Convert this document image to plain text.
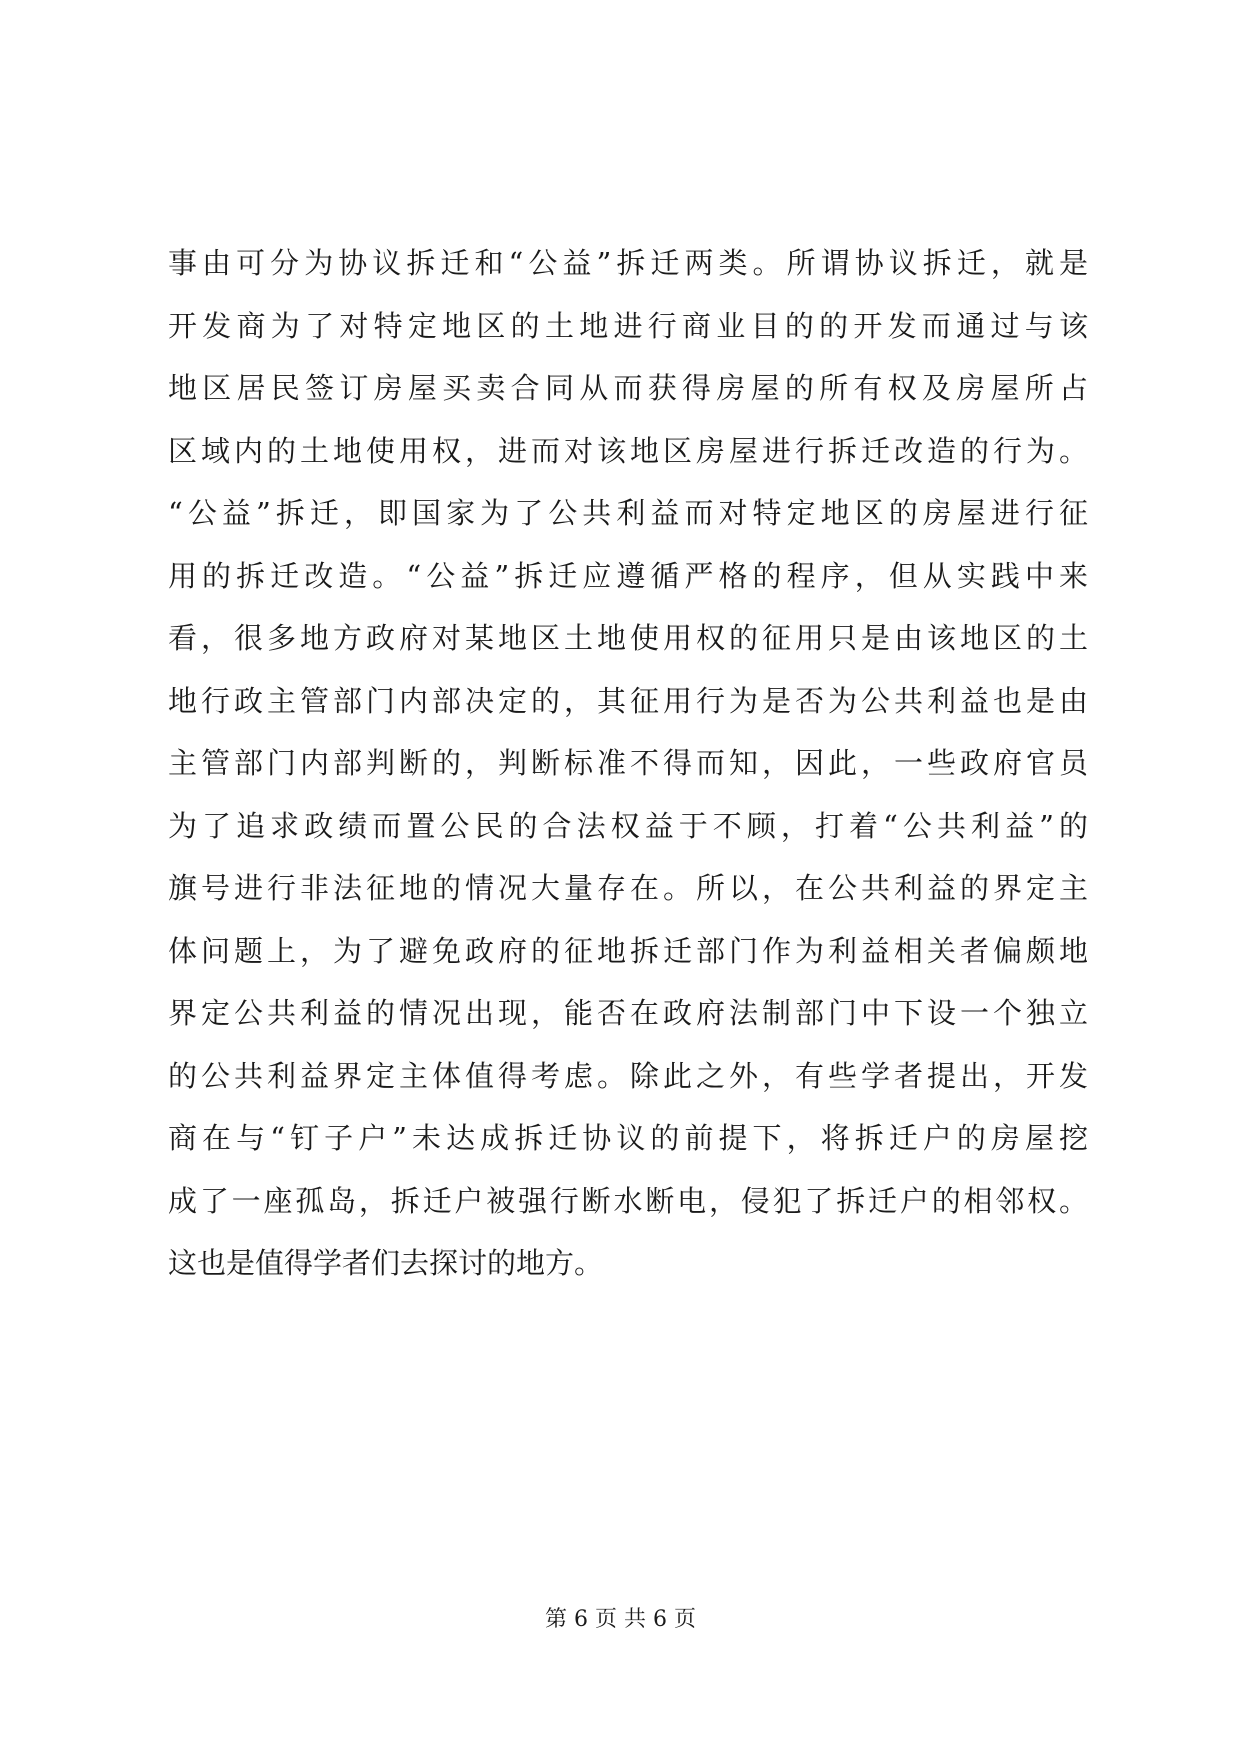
事由可分为协议拆迁和“公益”拆迁两类。所谓协议拆迁，就是
开发商为了对特定地区的土地进行商业目的的开发而通过与该
地区居民签订房屋买卖合同从而获得房屋的所有权及房屋所占
区域内的土地使用权，进而对该地区房屋进行拆迁改造的行为。
“公益”拆迁，即国家为了公共利益而对特定地区的房屋进行征
用的拆迁改造。“公益”拆迁应遵循严格的程序，但从实践中来
看，很多地方政府对某地区土地使用权的征用只是由该地区的土
地行政主管部门内部决定的，其征用行为是否为公共利益也是由
主管部门内部判断的，判断标准不得而知，因此，一些政府官员
为了追求政绩而置公民的合法权益于不顾，打着“公共利益”的
旗号进行非法征地的情况大量存在。所以，在公共利益的界定主
体问题上，为了避免政府的征地拆迁部门作为利益相关者偏颇地
界定公共利益的情况出现，能否在政府法制部门中下设一个独立
的公共利益界定主体值得考虑。除此之外，有些学者提出，开发
商在与“钉子户”未达成拆迁协议的前提下，将拆迁户的房屋挖
成了一座孤岛，拆迁户被强行断水断电，侵犯了拆迁户的相邻权。
这也是值得学者们去探讨的地方。
第 6 页 共 6 页
